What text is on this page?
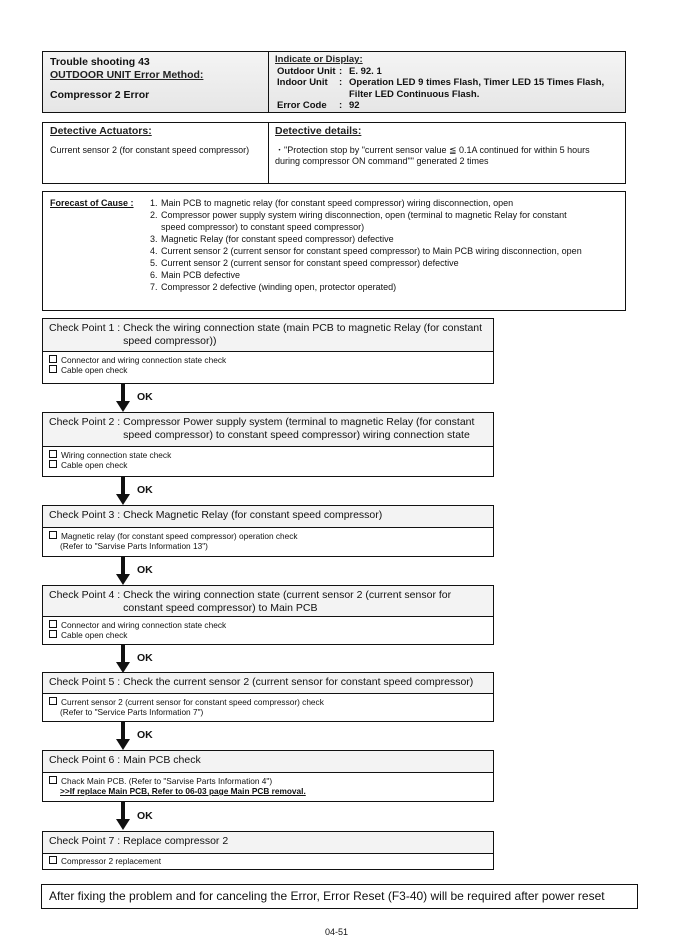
Trouble shooting 43
OUTDOOR UNIT Error Method:
Compressor 2 Error
Indicate or Display:
Outdoor Unit : E. 92. 1
Indoor Unit	: Operation LED 9 times Flash, Timer LED 15 Times Flash, Filter LED Continuous Flash.
Error Code	: 92
Detective Actuators:
Current sensor 2 (for constant speed compressor)
Detective details:
・"Protection stop by "current sensor value ≦ 0.1A continued for within 5 hours during compressor ON command"" generated 2 times
Forecast of Cause :	1. Main PCB to magnetic relay (for constant speed compressor) wiring disconnection, open
2. Compressor power supply system wiring disconnection, open (terminal to magnetic Relay for constant speed compressor) to constant speed compressor)
3. Magnetic Relay (for constant speed compressor) defective
4. Current sensor 2 (current sensor for constant speed compressor) to Main PCB wiring disconnection, open
5. Current sensor 2 (current sensor for constant speed compressor) defective
6. Main PCB defective
7. Compressor 2 defective (winding open, protector operated)
Check Point 1 : Check the wiring connection state (main PCB to magnetic Relay (for constant speed compressor))
Connector and wiring connection state check
Cable open check
OK
Check Point 2 : Compressor Power supply system (terminal to magnetic Relay (for constant speed compressor) to constant speed compressor) wiring connection state
Wiring connection state check
Cable open check
OK
Check Point 3 : Check Magnetic Relay (for constant speed compressor)
Magnetic relay (for constant speed compressor) operation check
(Refer to "Sarvise Parts Information 13")
OK
Check Point 4 : Check the wiring connection state (current sensor 2 (current sensor for constant speed compressor) to Main PCB
Connector and wiring connection state check
Cable open check
OK
Check Point 5 : Check the current sensor 2 (current sensor for constant speed compressor)
Current sensor 2 (current sensor for constant speed compressor) check
(Refer to "Service Parts Information 7")
OK
Check Point 6 : Main PCB check
Chack Main PCB. (Refer to "Sarvise Parts Information 4")
>>If replace Main PCB, Refer to 06-03 page Main PCB removal.
OK
Check Point 7 : Replace compressor 2
Compressor 2 replacement
After fixing the problem and for canceling the Error, Error Reset (F3-40) will be required after power reset
04-51
